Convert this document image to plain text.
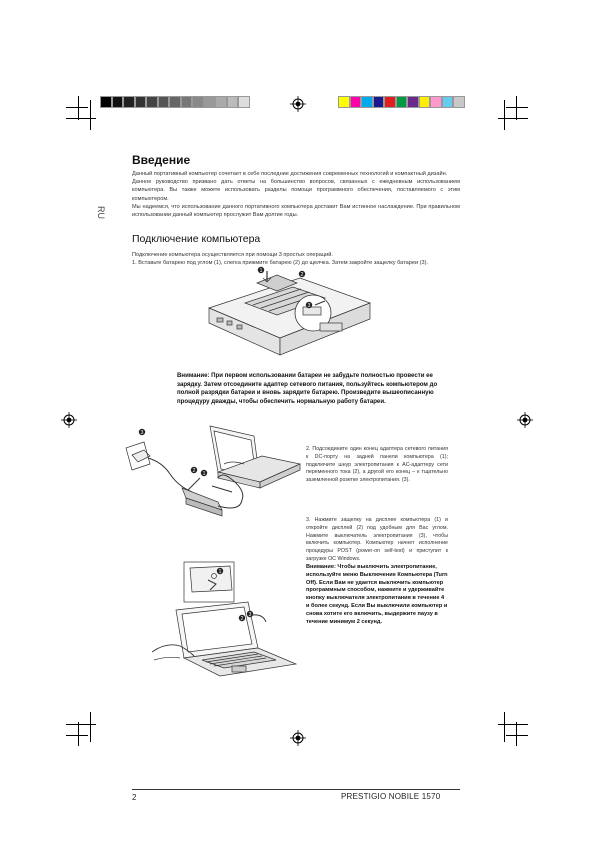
RU
Введение
Данный портативный компьютер сочетает в себе последние достижения современных технологий и компактный дизайн.
Данное руководство призвано дать ответы на большинство вопросов, связанных с ежедневным использованием компьютера. Вы также можете использовать разделы помощи программного обеспечения, поставляемого с этим компьютером.
Мы надеемся, что использование данного портативного компьютера доставит Вам истинное наслаждение. При правильном использовании данный компьютер прослужит Вам долгие годы.
Подключение компьютера
Подключение компьютера осуществляется при помощи 3 простых операций.
1. Вставьте батарею под углом (1), слегка прижмите батарею (2) до щелчка. Затем закройте защелку батареи (3).
1
2
3
Внимание: При первом использовании батареи не забудьте полностью провести ее зарядку. Затем отсоедините адаптер сетевого питания, пользуйтесь компьютером до полной разрядки батареи и вновь зарядите батарею. Произведите вышеописанную процедуру дважды, чтобы обеспечить нормальную работу батареи.
3
2 1
2. Подсоедините один конец адаптера сетевого питания к DC-порту на задней панели компьютера (1); подключите шнур электропитания к AC-адаптеру сети переменного тока (2), а другой его конец – к тщательно заземленной розетке электропитания. (3).
1
2
3
3. Нажмите защелку на дисплее компьютера (1) и откройте дисплей (2) под удобным для Вас углом. Нажмите выключатель электропитания (3), чтобы включить компьютер. Компьютер начнет исполнение процедуры POST (power-on self-test) и приступит к загрузке ОС Windows.
Внимание: Чтобы выключить электропитание, используйте меню Выключение Компьютера (Turn Off). Если Вам не удается выключить компьютер программным способом, нажмите и удерживайте кнопку выключателя электропитания в течение 4 и более секунд. Если Вы выключили компьютер и снова хотите его включить, выдержите паузу в течение минимум 2 секунд.
2	PRESTIGIO NOBILE 1570
